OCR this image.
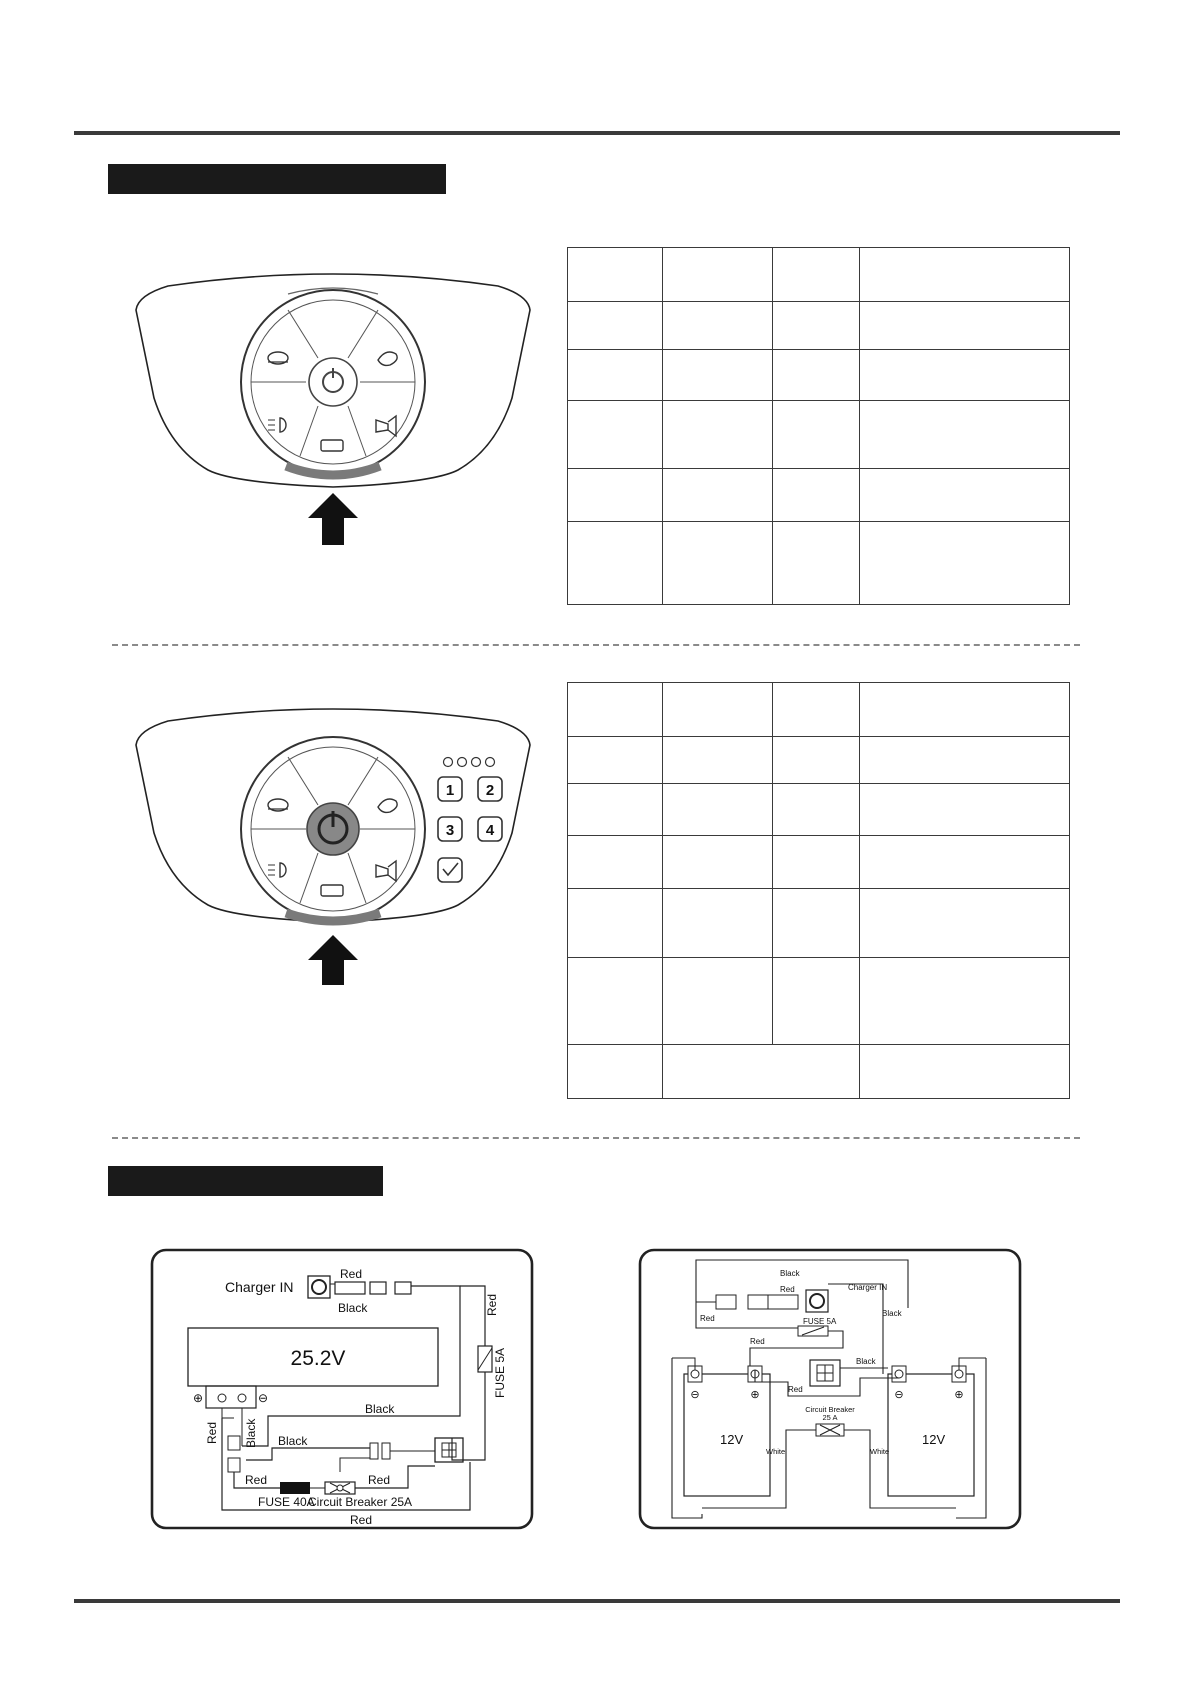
1 2
3 4

Charger IN
Red
Black	Red
FUSE 5A
25.2V
⊕	⊖
Red Black
Black
Black
Red
FUSE 40A
Circuit Breaker 25A
Red
Red
Black
Red	Charger IN
Black
Red	FUSE 5A
Red
⊖	⊕
12V
⊖	⊕
12V
Black
Red
Circuit Breaker
25 A
White	White
